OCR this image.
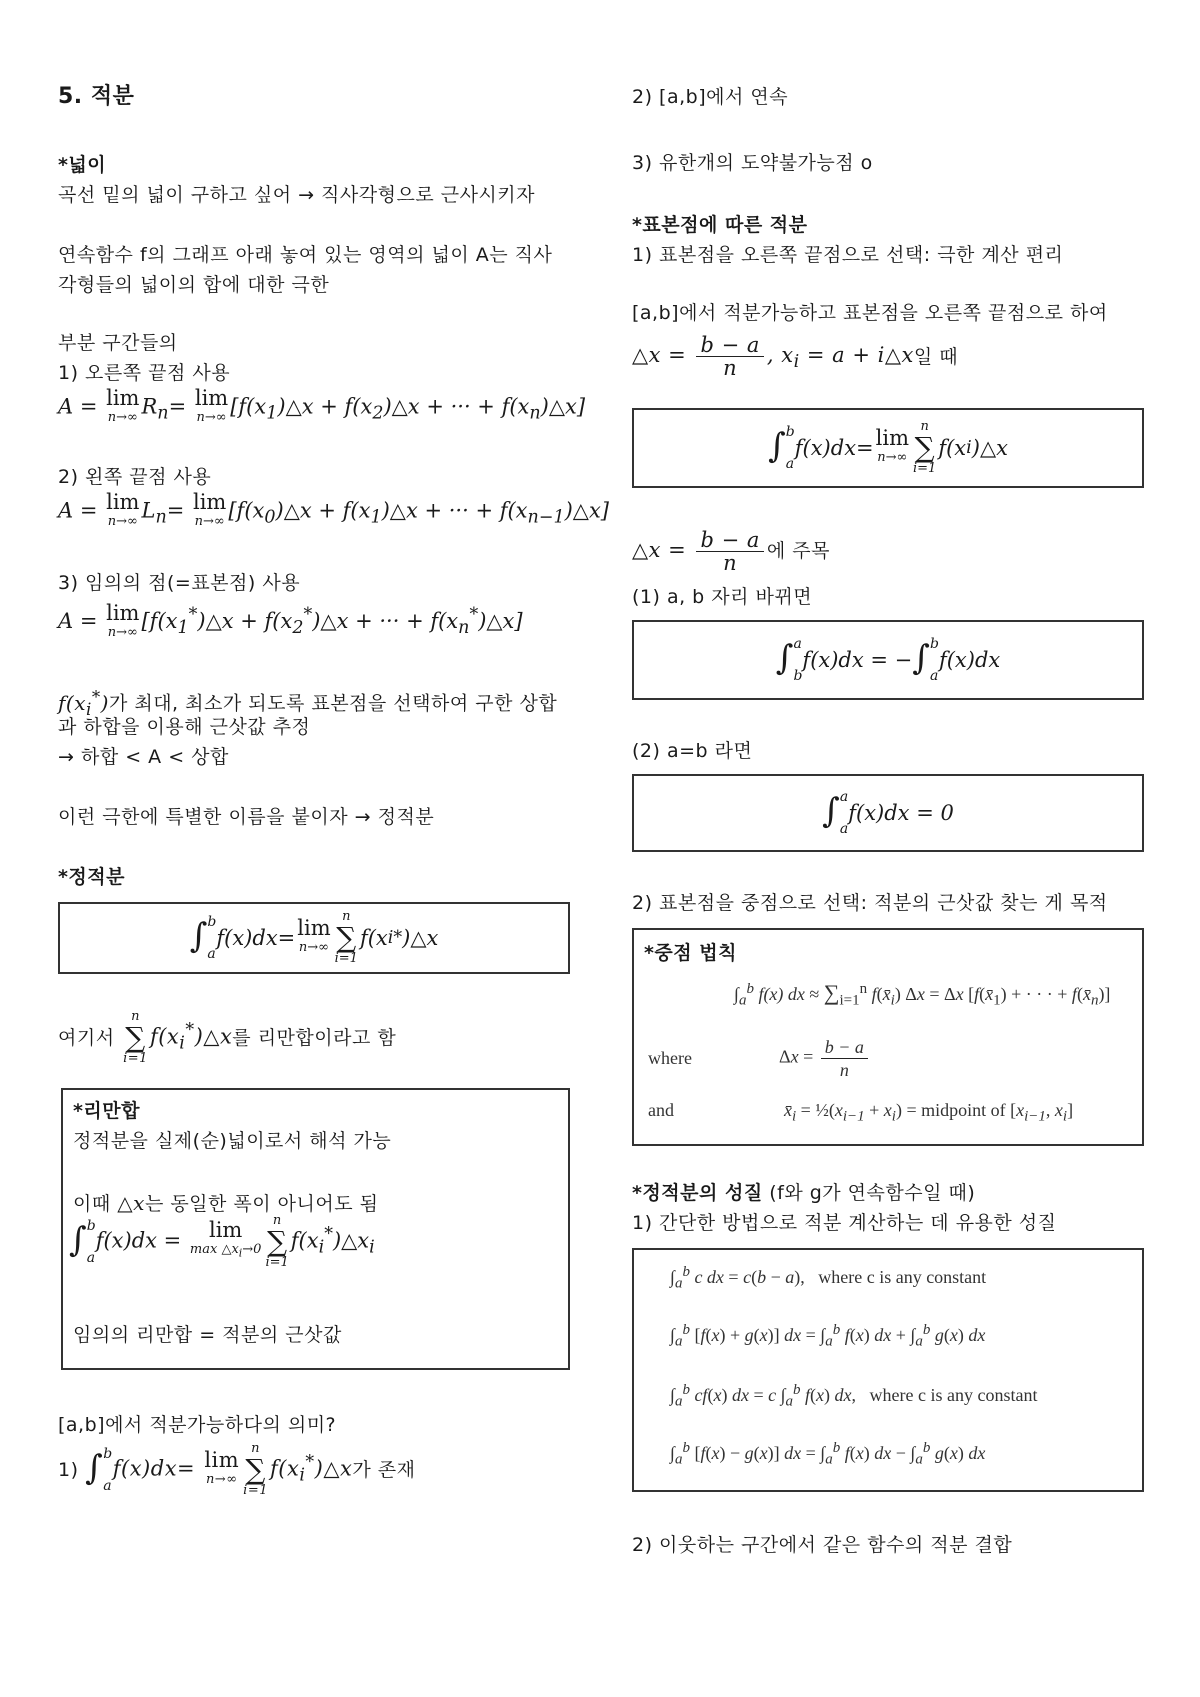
5. 적분
*넓이
곡선 밑의 넓이 구하고 싶어 → 직사각형으로 근사시키자
연속함수 f의 그래프 아래 놓여 있는 영역의 넓이 A는 직사
각형들의 넓이의 합에 대한 극한
부분 구간들의
1) 오른쪽 끝점 사용
A = lim
n→∞ $R_n= \lim$
n→∞ [$f(x_1)\triangle x$ + $f(x_2)\triangle x$ + ··· + $f(x_n)\triangle x$]
2) 왼쪽 끝점 사용
A = lim
n→∞ $L_n= \lim$
n→∞ [$f(x_0)\triangle x$ + $f(x_1)\triangle x$ + ··· + $f(x_{n-1})\triangle x$]
3) 임의의 점(=표본점) 사용
A = lim
n→∞ [$f(x_1^*)\triangle x$ + $f(x_2^*)\triangle x$ + ··· + $f(x_n^*)\triangle x$]
$f(x_i^*)$가 최대, 최소가 되도록 표본점을 선택하여 구한 상합
과 하합을 이용해 근삿값 추정
→ 하합 < A < 상합
이런 극한에 특별한 이름을 붙이자 → 정적분
*정적분
∫ b
a
f(x)dx= lim
n→∞
n
∑
i=1
f(x i * )△x
여기서

n
∑
i=1
$f(x_i^*)\triangle x$ 를 리만합이라고 함
*리만합
정적분을 실제(순)넓이로서 해석 가능
이때 △x는 동일한 폭이 아니어도 됨
∫ b
a
f(x)dx = lim
$\max \triangle x_i\to 0$
n
∑
i=1
$f(x_i^*)\triangle x_i$
임의의 리만합 = 적분의 근삿값
[a,b]에서 적분가능하다의 의미?
1)
∫ b
a
f(x)dx= lim
n→∞
n
∑
i=1
$f(x_i^*)\triangle x$ 가 존재
2) [a,b]에서 연속
3) 유한개의 도약불가능점 o
*표본점에 따른 적분
1) 표본점을 오른쪽 끝점으로 선택: 극한 계산 편리
[a,b]에서 적분가능하고 표본점을 오른쪽 끝점으로 하여
△x = $\frac{b - a}{n}$ , $x_i = a$ + i△x 일 때
∫ b
a
f(x)dx= lim
n→∞
n
∑
i=1
f(x i )△x
△x = $\frac{b - a}{n}$ 에 주목
(1) a, b 자리 바뀌면
∫ a
b
f(x)dx = − ∫ b
a
f(x)dx
(2) a=b 라면
∫ a
a
f(x)dx = 0
2) 표본점을 중점으로 선택: 적분의 근삿값 찾는 게 목적
*중점 법칙
$\int_a^b$ f(x) dx ≈ $\sum_{i=1}^n$ $f(x̄_i) \Delta x = \Delta x$ [$f(x̄_1)$ + · · · + $f(x̄_n)$]
where	$\Delta x = \frac{b - a}{n}$
and	$x̄_i$ = $\frac{1}{2}(x_{i-1} + x_i)$ = midpoint of [$x_{i-1}$, $x_i$]
*정적분의 성질 (f와 g가 연속함수일 때)
1) 간단한 방법으로 적분 계산하는 데 유용한 성질
$\int_a^b$ c dx = c(b − a),   where c is any constant
$\int_a^b$ [f(x) + g(x)] dx = $\int_a^b$ f(x) dx + $\int_a^b$ g(x) dx
$\int_a^b$ cf(x) dx = c $\int_a^b$ f(x) dx,   where c is any constant
$\int_a^b$ [f(x) − g(x)] dx = $\int_a^b$ f(x) dx − $\int_a^b$ g(x) dx
2) 이웃하는 구간에서 같은 함수의 적분 결합
